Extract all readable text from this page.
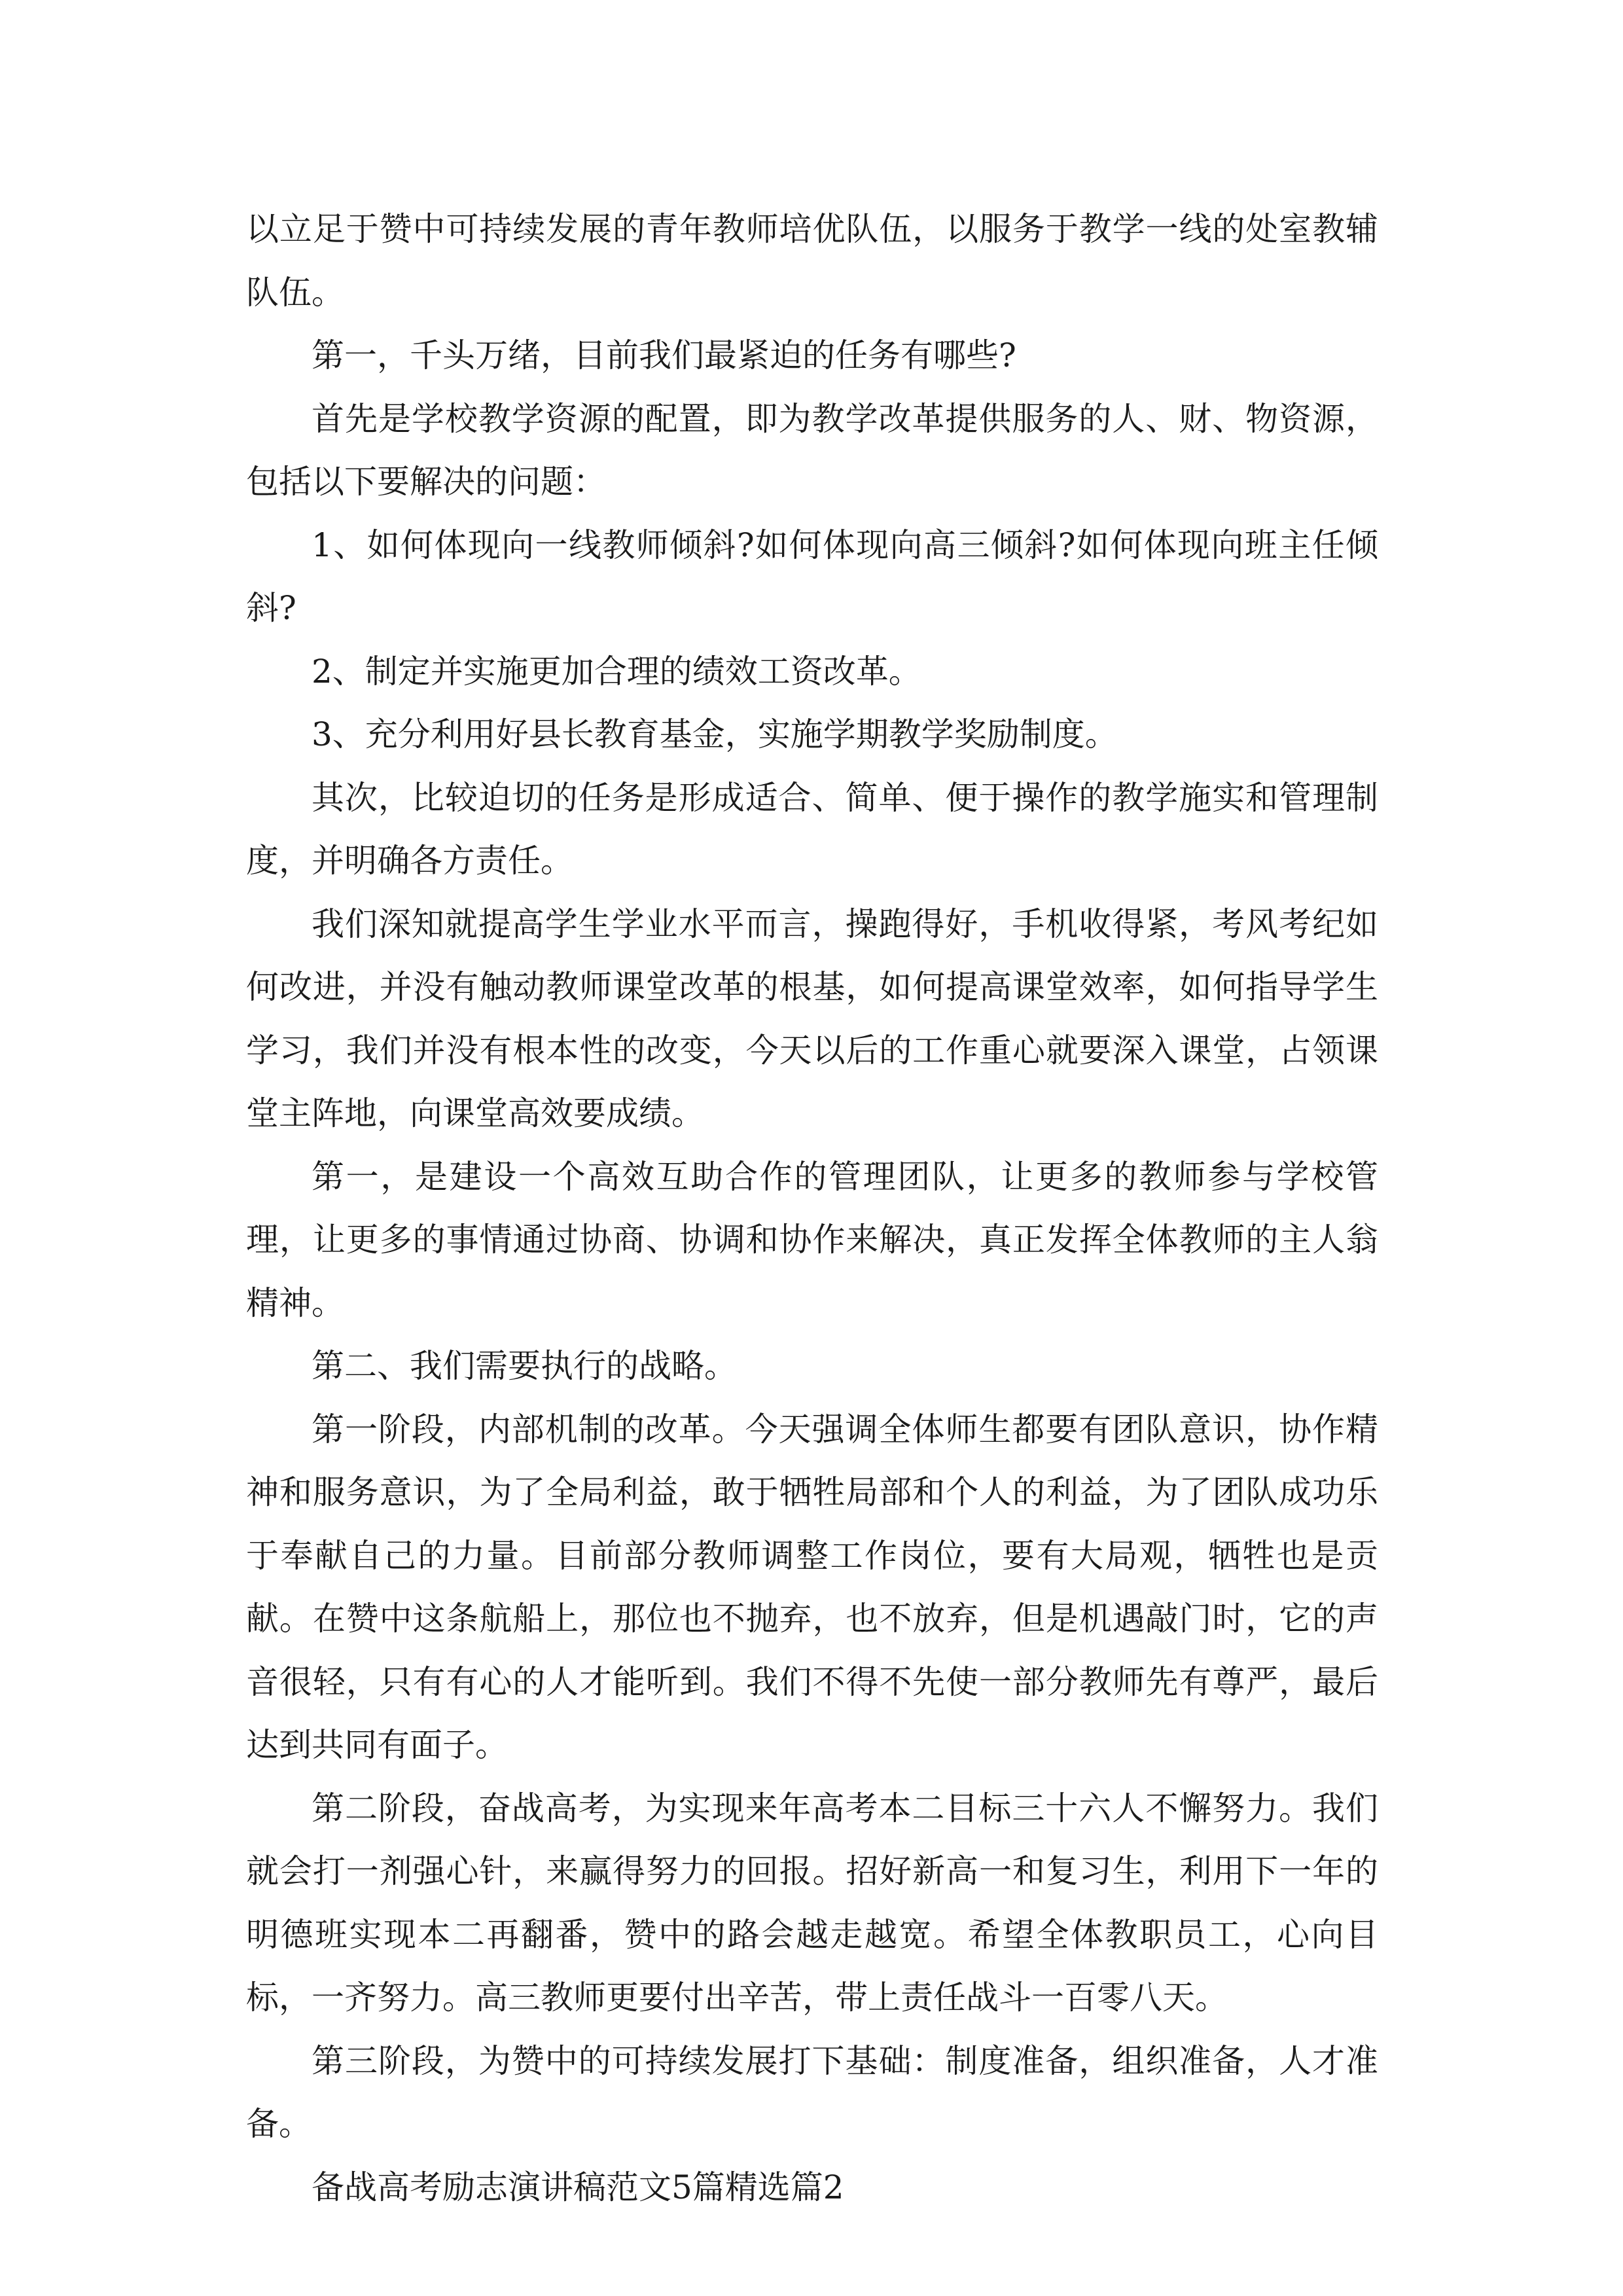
以立足于赞中可持续发展的青年教师培优队伍，以服务于教学一线的处室教辅队伍。

第一，千头万绪，目前我们最紧迫的任务有哪些?

首先是学校教学资源的配置，即为教学改革提供服务的人、财、物资源，包括以下要解决的问题：

1、如何体现向一线教师倾斜?如何体现向高三倾斜?如何体现向班主任倾斜?

2、制定并实施更加合理的绩效工资改革。

3、充分利用好县长教育基金，实施学期教学奖励制度。

其次，比较迫切的任务是形成适合、简单、便于操作的教学施实和管理制度，并明确各方责任。

我们深知就提高学生学业水平而言，操跑得好，手机收得紧，考风考纪如何改进，并没有触动教师课堂改革的根基，如何提高课堂效率，如何指导学生学习，我们并没有根本性的改变，今天以后的工作重心就要深入课堂，占领课堂主阵地，向课堂高效要成绩。

第一，是建设一个高效互助合作的管理团队，让更多的教师参与学校管理，让更多的事情通过协商、协调和协作来解决，真正发挥全体教师的主人翁精神。

第二、我们需要执行的战略。

第一阶段，内部机制的改革。今天强调全体师生都要有团队意识，协作精神和服务意识，为了全局利益，敢于牺牲局部和个人的利益，为了团队成功乐于奉献自己的力量。目前部分教师调整工作岗位，要有大局观，牺牲也是贡献。在赞中这条航船上，那位也不抛弃，也不放弃，但是机遇敲门时，它的声音很轻，只有有心的人才能听到。我们不得不先使一部分教师先有尊严，最后达到共同有面子。

第二阶段，奋战高考，为实现来年高考本二目标三十六人不懈努力。我们就会打一剂强心针，来赢得努力的回报。招好新高一和复习生，利用下一年的明德班实现本二再翻番，赞中的路会越走越宽。希望全体教职员工，心向目标，一齐努力。高三教师更要付出辛苦，带上责任战斗一百零八天。

第三阶段，为赞中的可持续发展打下基础：制度准备，组织准备，人才准备。

备战高考励志演讲稿范文5篇精选篇2
